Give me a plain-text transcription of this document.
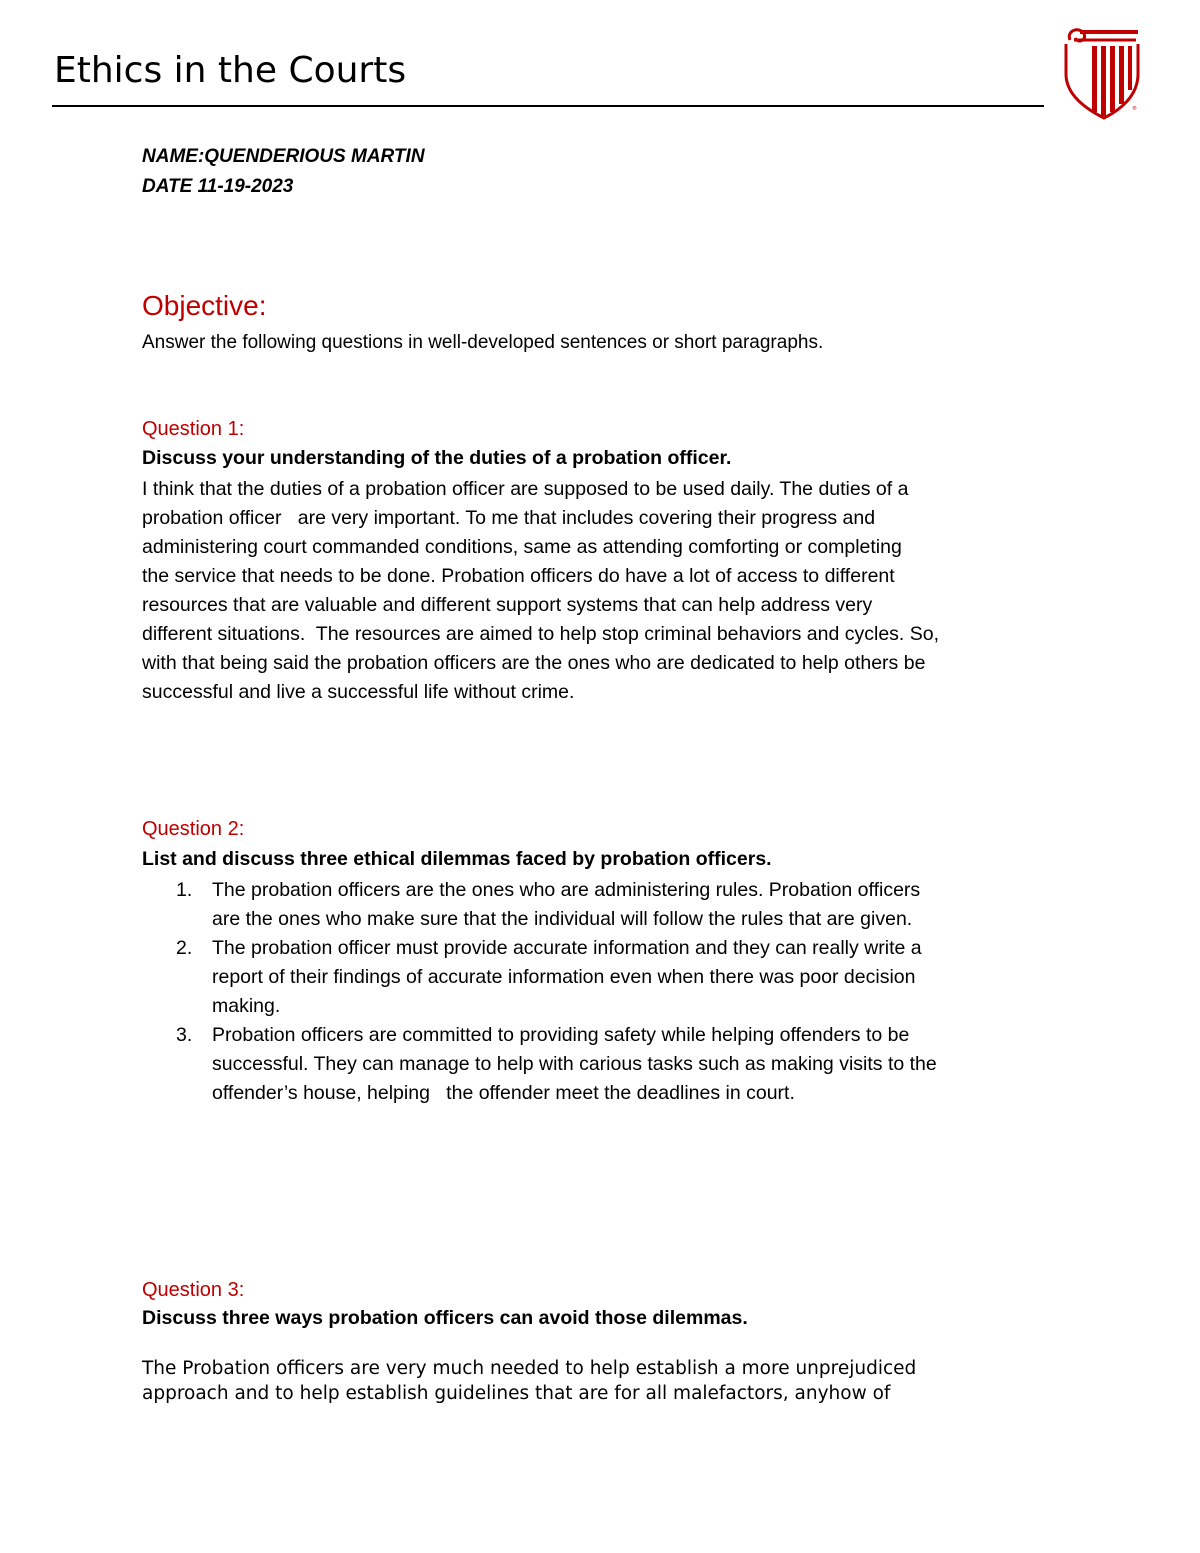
Ethics in the Courts
®
NAME:QUENDERIOUS MARTIN
DATE 11-19-2023
Objective:
Answer the following questions in well-developed sentences or short paragraphs.
Question 1:
Discuss your understanding of the duties of a probation officer.
I think that the duties of a probation officer are supposed to be used daily. The duties of a
probation officer   are very important. To me that includes covering their progress and
administering court commanded conditions, same as attending comforting or completing
the service that needs to be done. Probation officers do have a lot of access to different
resources that are valuable and different support systems that can help address very
different situations.  The resources are aimed to help stop criminal behaviors and cycles. So,
with that being said the probation officers are the ones who are dedicated to help others be
successful and live a successful life without crime.
Question 2:
List and discuss three ethical dilemmas faced by probation officers.
1. The probation officers are the ones who are administering rules. Probation officers
are the ones who make sure that the individual will follow the rules that are given.
2. The probation officer must provide accurate information and they can really write a
report of their findings of accurate information even when there was poor decision
making.
3. Probation officers are committed to providing safety while helping offenders to be
successful. They can manage to help with carious tasks such as making visits to the
offender’s house, helping   the offender meet the deadlines in court.
Question 3:
Discuss three ways probation officers can avoid those dilemmas.
The Probation officers are very much needed to help establish a more unprejudiced
approach and to help establish guidelines that are for all malefactors, anyhow of
